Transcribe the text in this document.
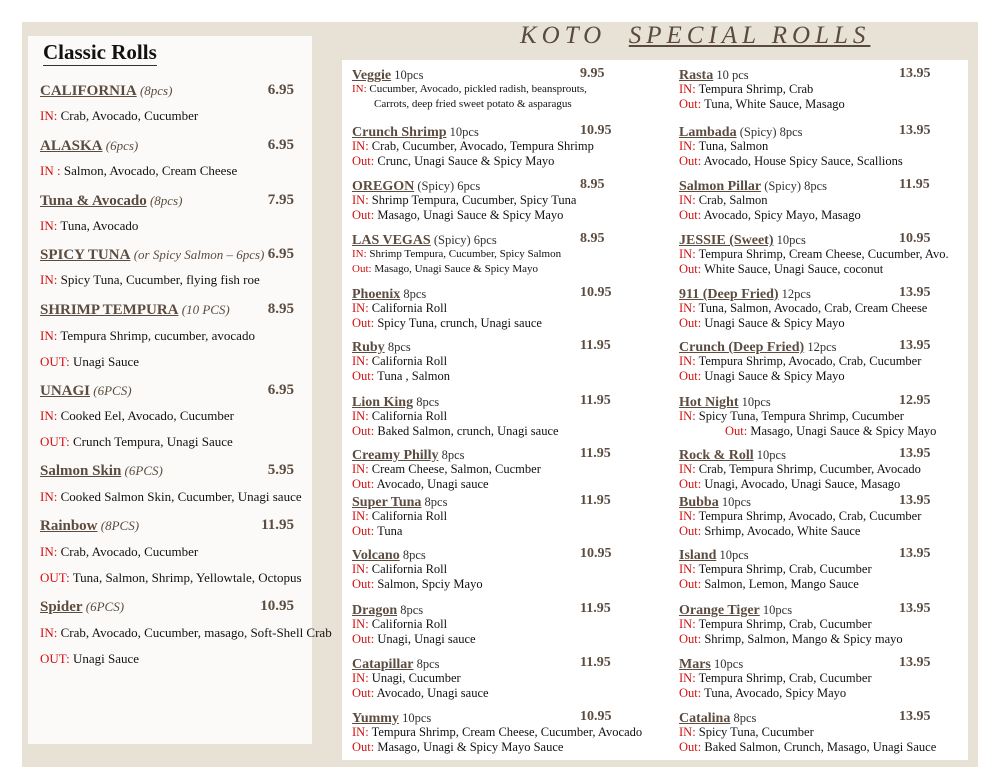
Classic Rolls
KOTO SPECIAL ROLLS
CALIFORNIA (8pcs)	6.95
IN: Crab, Avocado, Cucumber
ALASKA (6pcs)	6.95
IN : Salmon, Avocado, Cream Cheese
Tuna & Avocado (8pcs)	7.95
IN: Tuna, Avocado
SPICY TUNA (or Spicy Salmon – 6pcs) 6.95
IN: Spicy Tuna, Cucumber, flying fish roe
SHRIMP TEMPURA (10 PCS)	8.95
IN: Tempura Shrimp, cucumber, avocado
OUT: Unagi Sauce
UNAGI (6PCS)	6.95
IN: Cooked Eel, Avocado, Cucumber
OUT: Crunch Tempura, Unagi Sauce
Salmon Skin (6PCS)	5.95
IN: Cooked Salmon Skin, Cucumber, Unagi sauce
Rainbow (8PCS)	11.95
IN: Crab, Avocado, Cucumber
OUT: Tuna, Salmon, Shrimp, Yellowtale, Octopus
Spider (6PCS)	10.95
IN: Crab, Avocado, Cucumber, masago, Soft-Shell Crab
OUT: Unagi Sauce
Veggie 10pcs	9.95
IN: Cucumber, Avocado, pickled radish, beansprouts,
Carrots, deep fried sweet potato & asparagus
Crunch Shrimp 10pcs	10.95
IN: Crab, Cucumber, Avocado, Tempura Shrimp
Out: Crunc, Unagi Sauce & Spicy Mayo
OREGON (Spicy) 6pcs	8.95
IN: Shrimp Tempura, Cucumber, Spicy Tuna
Out: Masago, Unagi Sauce & Spicy Mayo
LAS VEGAS (Spicy) 6pcs	8.95
IN: Shrimp Tempura, Cucumber, Spicy Salmon
Out: Masago, Unagi Sauce & Spicy Mayo
Phoenix 8pcs	10.95
IN: California Roll
Out: Spicy Tuna, crunch, Unagi sauce
Ruby 8pcs	11.95
IN: California Roll
Out: Tuna , Salmon
Lion King 8pcs	11.95
IN: California Roll
Out: Baked Salmon, crunch, Unagi sauce
Creamy Philly 8pcs	11.95
IN: Cream Cheese, Salmon, Cucmber
Out: Avocado, Unagi sauce
Super Tuna 8pcs	11.95
IN: California Roll
Out: Tuna
Volcano 8pcs	10.95
IN: California Roll
Out: Salmon, Spciy Mayo
Dragon 8pcs	11.95
IN: California Roll
Out: Unagi, Unagi sauce
Catapillar 8pcs	11.95
IN: Unagi, Cucumber
Out: Avocado, Unagi sauce
Yummy 10pcs	10.95
IN: Tempura Shrimp, Cream Cheese, Cucumber, Avocado
Out: Masago, Unagi & Spicy Mayo Sauce
Rasta 10 pcs	13.95
IN: Tempura Shrimp, Crab
Out: Tuna, White Sauce, Masago
Lambada (Spicy) 8pcs	13.95
IN: Tuna, Salmon
Out: Avocado, House Spicy Sauce, Scallions
Salmon Pillar (Spicy) 8pcs	11.95
IN: Crab, Salmon
Out: Avocado, Spicy Mayo, Masago
JESSIE (Sweet) 10pcs	10.95
IN: Tempura Shrimp, Cream Cheese, Cucumber, Avo.
Out: White Sauce, Unagi Sauce, coconut
911 (Deep Fried) 12pcs	13.95
IN: Tuna, Salmon, Avocado, Crab, Cream Cheese
Out: Unagi Sauce & Spicy Mayo
Crunch (Deep Fried) 12pcs	13.95
IN: Tempura Shrimp, Avocado, Crab, Cucumber
Out: Unagi Sauce & Spicy Mayo
Hot Night 10pcs	12.95
IN: Spicy Tuna, Tempura Shrimp, Cucumber
Out: Masago, Unagi Sauce & Spicy Mayo
Rock & Roll 10pcs	13.95
IN: Crab, Tempura Shrimp, Cucumber, Avocado
Out: Unagi, Avocado, Unagi Sauce, Masago
Bubba 10pcs	13.95
IN: Tempura Shrimp, Avocado, Crab, Cucumber
Out: Srhimp, Avocado, White Sauce
Island 10pcs	13.95
IN: Tempura Shrimp, Crab, Cucumber
Out: Salmon, Lemon, Mango Sauce
Orange Tiger 10pcs	13.95
IN: Tempura Shrimp, Crab, Cucumber
Out: Shrimp, Salmon, Mango & Spicy mayo
Mars 10pcs	13.95
IN: Tempura Shrimp, Crab, Cucumber
Out: Tuna, Avocado, Spicy Mayo
Catalina 8pcs	13.95
IN: Spicy Tuna, Cucumber
Out: Baked Salmon, Crunch, Masago, Unagi Sauce
